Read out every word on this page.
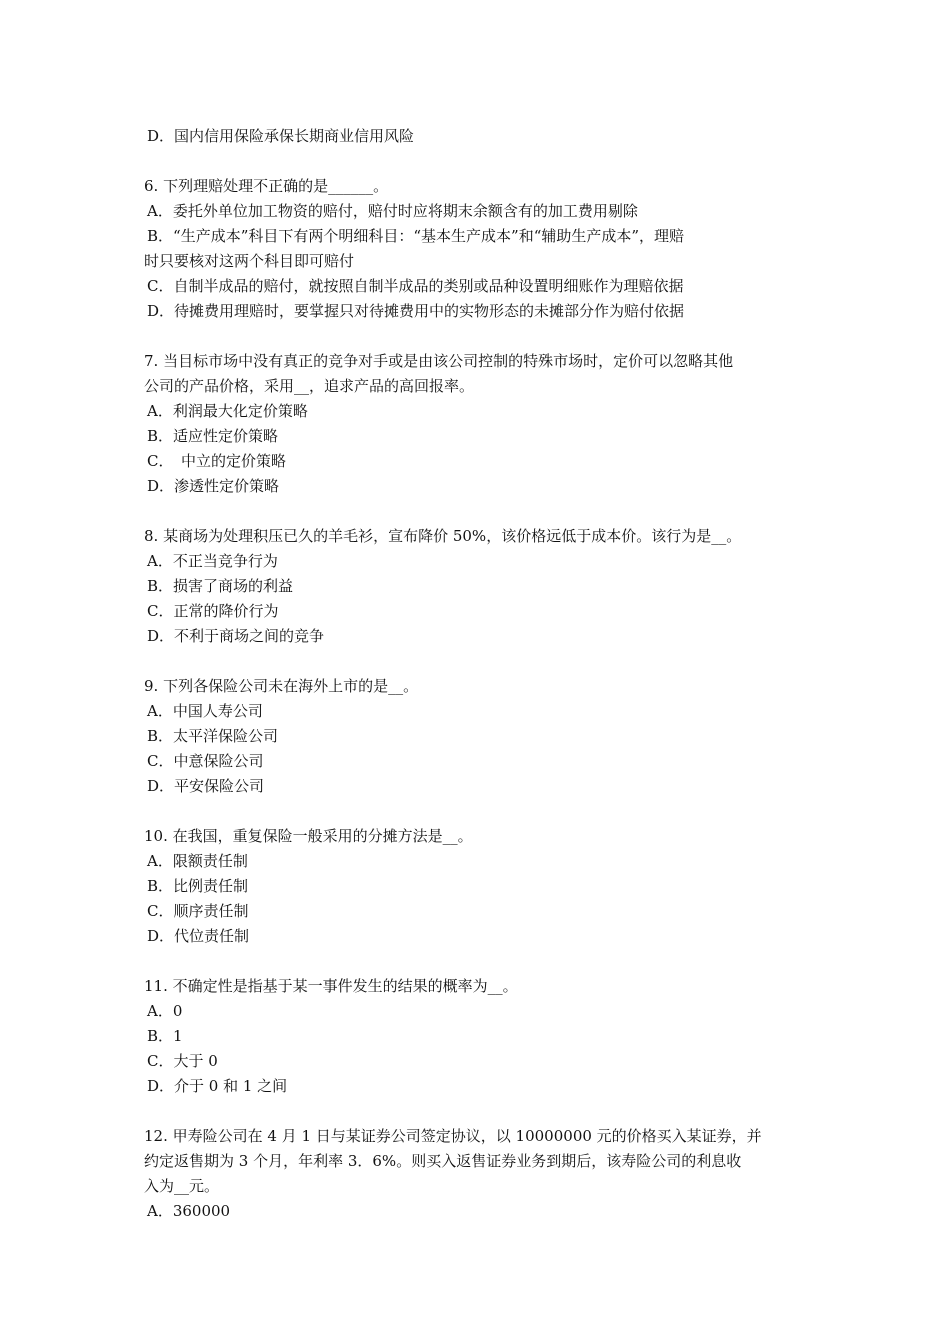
D．国内信用保险承保长期商业信用风险

6. 下列理赔处理不正确的是______。

A．委托外单位加工物资的赔付，赔付时应将期末余额含有的加工费用剔除

B．“生产成本”科目下有两个明细科目：“基本生产成本”和“辅助生产成本”，理赔

时只要核对这两个科目即可赔付

C．自制半成品的赔付，就按照自制半成品的类别或品种设置明细账作为理赔依据

D．待摊费用理赔时，要掌握只对待摊费用中的实物形态的未摊部分作为赔付依据

7. 当目标市场中没有真正的竞争对手或是由该公司控制的特殊市场时，定价可以忽略其他

公司的产品价格，采用__，追求产品的高回报率。

A．利润最大化定价策略

B．适应性定价策略

C．　中立的定价策略

D．渗透性定价策略

8. 某商场为处理积压已久的羊毛衫，宣布降价 50%，该价格远低于成本价。该行为是__。

A．不正当竞争行为

B．损害了商场的利益

C．正常的降价行为

D．不利于商场之间的竞争

9. 下列各保险公司未在海外上市的是__。

A．中国人寿公司

B．太平洋保险公司

C．中意保险公司

D．平安保险公司

10. 在我国，重复保险一般采用的分摊方法是__。

A．限额责任制

B．比例责任制

C．顺序责任制

D．代位责任制

11. 不确定性是指基于某一事件发生的结果的概率为__。

A．0

B．1

C．大于 0

D．介于 0 和 1 之间

12. 甲寿险公司在 4 月 1 日与某证券公司签定协议，以 10000000 元的价格买入某证券，并

约定返售期为 3 个月，年利率 3．6%。则买入返售证券业务到期后，该寿险公司的利息收

入为__元。

A．360000
